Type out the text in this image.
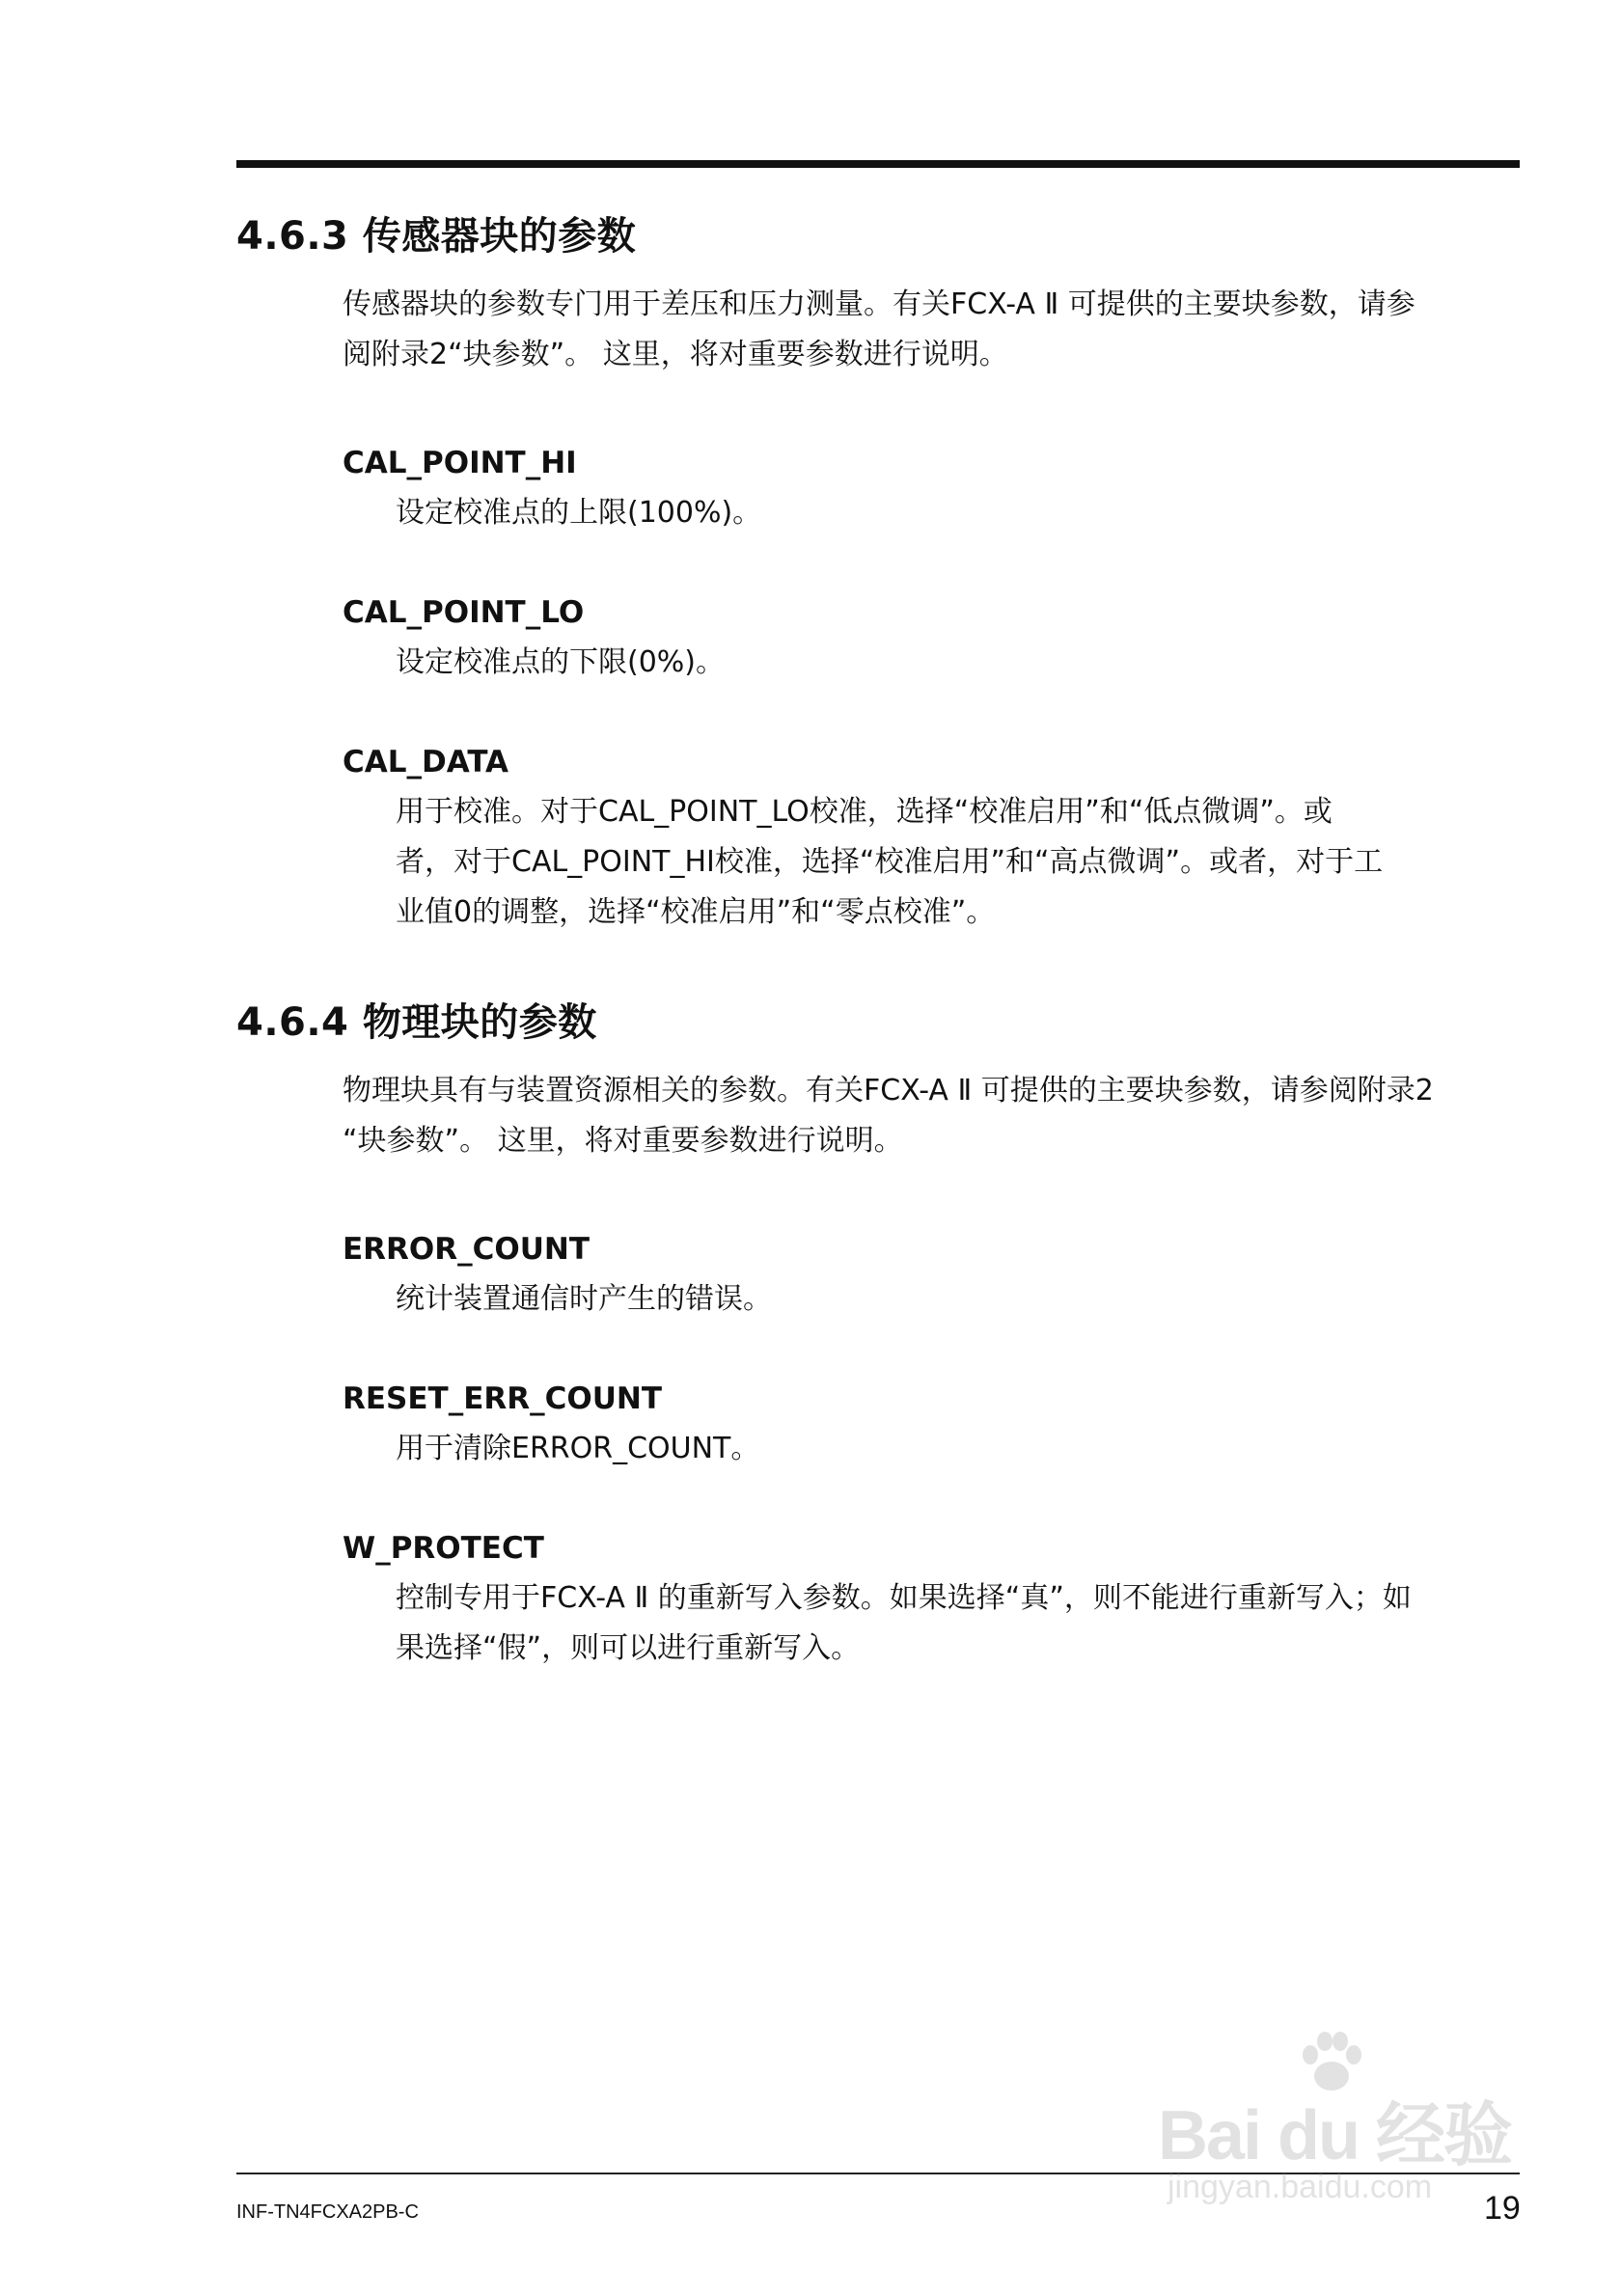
4.6.3 传感器块的参数
传感器块的参数专门用于差压和压力测量。有关FCX-A Ⅱ 可提供的主要块参数，请参
阅附录2“块参数”。 这里，将对重要参数进行说明。
CAL_POINT_HI
设定校准点的上限(100%)。
CAL_POINT_LO
设定校准点的下限(0%)。
CAL_DATA
用于校准。对于CAL_POINT_LO校准，选择“校准启用”和“低点微调”。或
者，对于CAL_POINT_HI校准，选择“校准启用”和“高点微调”。或者，对于工
业值0的调整，选择“校准启用”和“零点校准”。
4.6.4 物理块的参数
物理块具有与装置资源相关的参数。有关FCX-A Ⅱ 可提供的主要块参数，请参阅附录2
“块参数”。 这里，将对重要参数进行说明。
ERROR_COUNT
统计装置通信时产生的错误。
RESET_ERR_COUNT
用于清除ERROR_COUNT。
W_PROTECT
控制专用于FCX-A Ⅱ 的重新写入参数。如果选择“真”，则不能进行重新写入；如
果选择“假”，则可以进行重新写入。
INF-TN4FCXA2PB-C	19
Bai du 经验
jingyan.baidu.com
